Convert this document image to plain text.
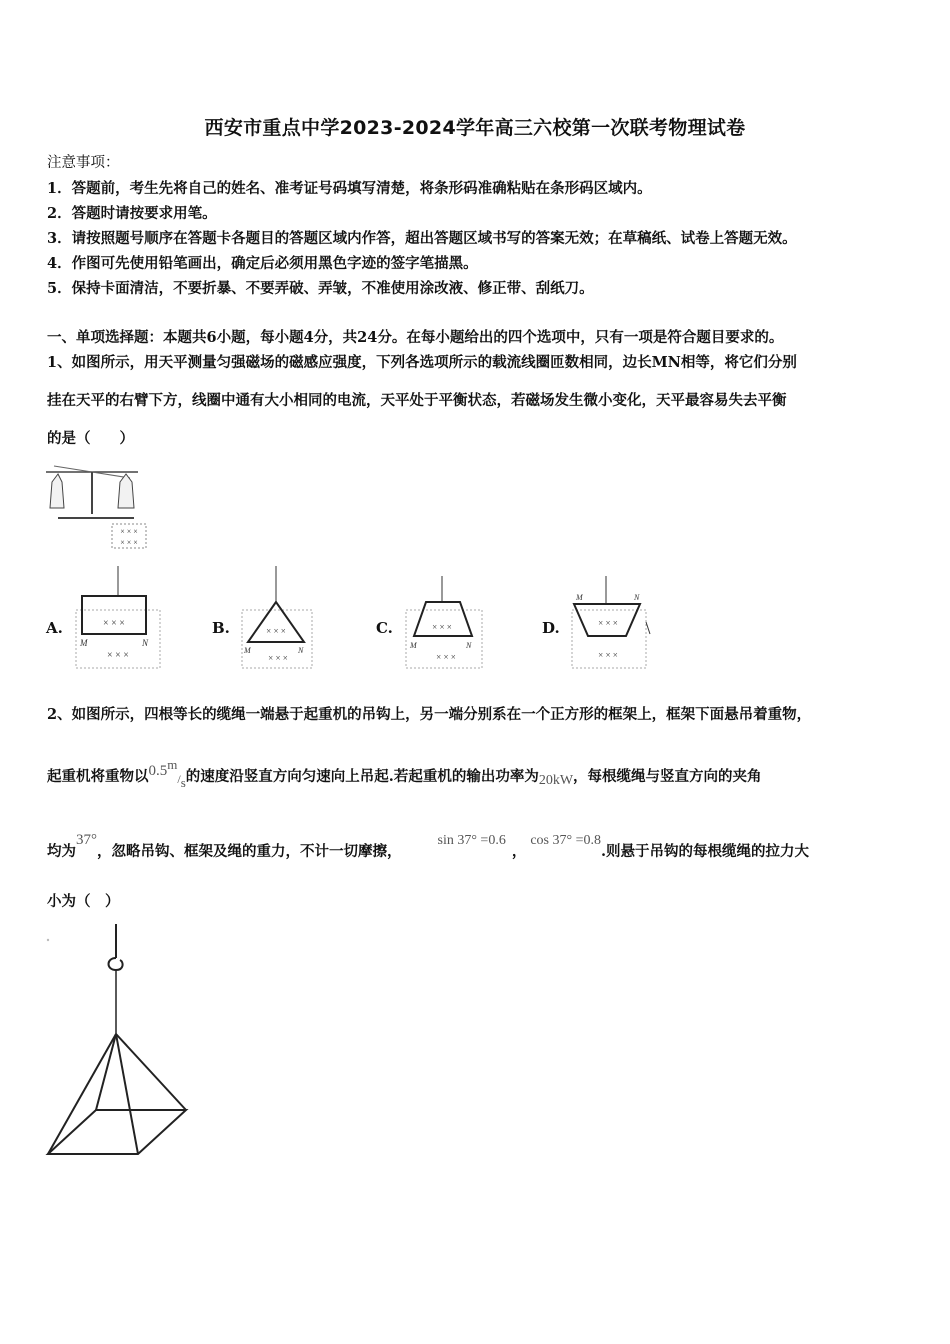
西安市重点中学2023-2024学年高三六校第一次联考物理试卷
注意事项：
1．答题前，考生先将自己的姓名、准考证号码填写清楚，将条形码准确粘贴在条形码区域内。
2．答题时请按要求用笔。
3．请按照题号顺序在答题卡各题目的答题区域内作答，超出答题区域书写的答案无效；在草稿纸、试卷上答题无效。
4．作图可先使用铅笔画出，确定后必须用黑色字迹的签字笔描黑。
5．保持卡面清洁，不要折暴、不要弄破、弄皱，不准使用涂改液、修正带、刮纸刀。
一、单项选择题：本题共6小题，每小题4分，共24分。在每小题给出的四个选项中，只有一项是符合题目要求的。
1、如图所示，用天平测量匀强磁场的磁感应强度，下列各选项所示的载流线圈匝数相同，边长MN相等，将它们分别
挂在天平的右臂下方，线圈中通有大小相同的电流，天平处于平衡状态，若磁场发生微小变化，天平最容易失去平衡
的是（　　）
× × ×
× × ×
A.	× × ×
× × ×
M	N
B.	× × ×
× × ×
M	N
C.	× × ×
× × ×
M	N
D.	× × ×
× × ×
M	N
2、如图所示，四根等长的缆绳一端悬于起重机的吊钩上，另一端分别系在一个正方形的框架上，框架下面悬吊着重物，
起重机将重物以0.5m/s的速度沿竖直方向匀速向上吊起.若起重机的输出功率为20kW，每根缆绳与竖直方向的夹角
均为37°，忽略吊钩、框架及绳的重力，不计一切摩擦，sin 37° =0.6，cos 37° =0.8.则悬于吊钩的每根缆绳的拉力大
小为（　）
